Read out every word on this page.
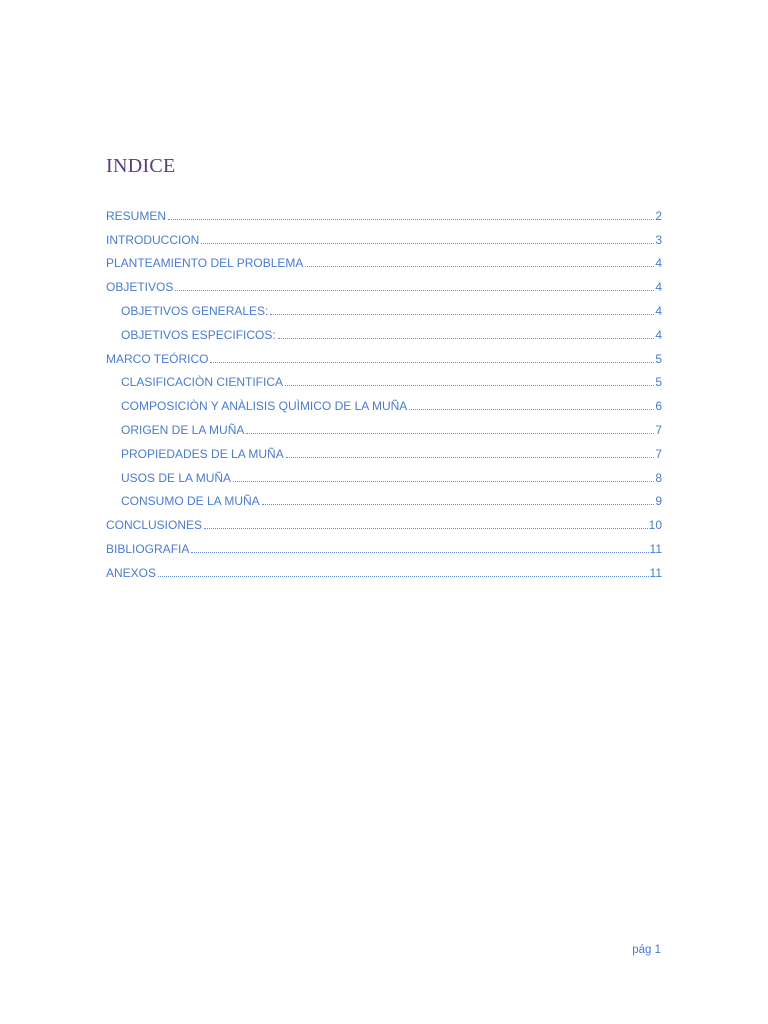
INDICE
RESUMEN	2
INTRODUCCION	3
PLANTEAMIENTO DEL PROBLEMA	4
OBJETIVOS	4
OBJETIVOS GENERALES:	4
OBJETIVOS ESPECIFICOS:	4
MARCO TEÓRICO	5
CLASIFICACIÒN CIENTIFICA	5
COMPOSICIÒN Y ANÀLISIS QUÌMICO DE LA MUÑA	6
ORIGEN DE LA MUÑA	7
PROPIEDADES DE LA MUÑA	7
USOS DE LA MUÑA	8
CONSUMO DE LA MUÑA	9
CONCLUSIONES	10
BIBLIOGRAFIA	11
ANEXOS	11

pág 1
